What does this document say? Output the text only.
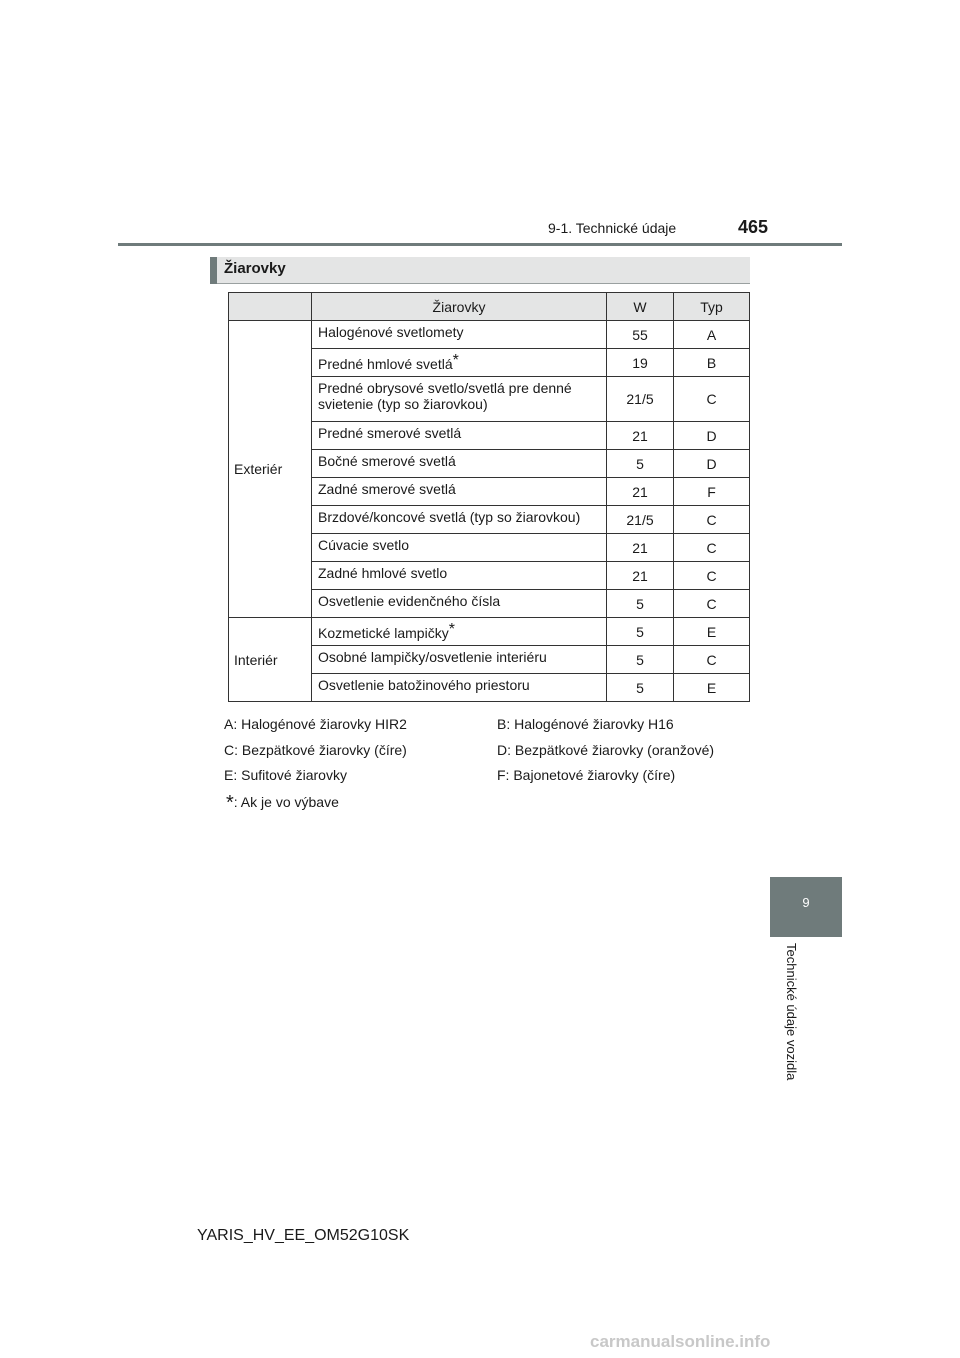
9-1. Technické údaje	465
9
Technické údaje vozidla
Žiarovky
	Žiarovky	W	Typ
Exteriér	Halogénové svetlomety	55	A
	Predné hmlové svetlá*	19	B
	Predné obrysové svetlo/svetlá pre denné svietenie (typ so žiarovkou)	21/5	C
	Predné smerové svetlá	21	D
	Bočné smerové svetlá	5	D
	Zadné smerové svetlá	21	F
	Brzdové/koncové svetlá (typ so žiarovkou)	21/5	C
	Cúvacie svetlo	21	C
	Zadné hmlové svetlo	21	C
	Osvetlenie evidenčného čísla	5	C
Interiér	Kozmetické lampičky*	5	E
	Osobné lampičky/osvetlenie interiéru	5	C
	Osvetlenie batožinového priestoru	5	E
A: Halogénové žiarovky HIR2	B: Halogénové žiarovky H16
C: Bezpätkové žiarovky (číre)	D: Bezpätkové žiarovky (oranžové)
E: Sufitové žiarovky	F: Bajonetové žiarovky (číre)
*: Ak je vo výbave
YARIS_HV_EE_OM52G10SK
carmanualsonline.info
